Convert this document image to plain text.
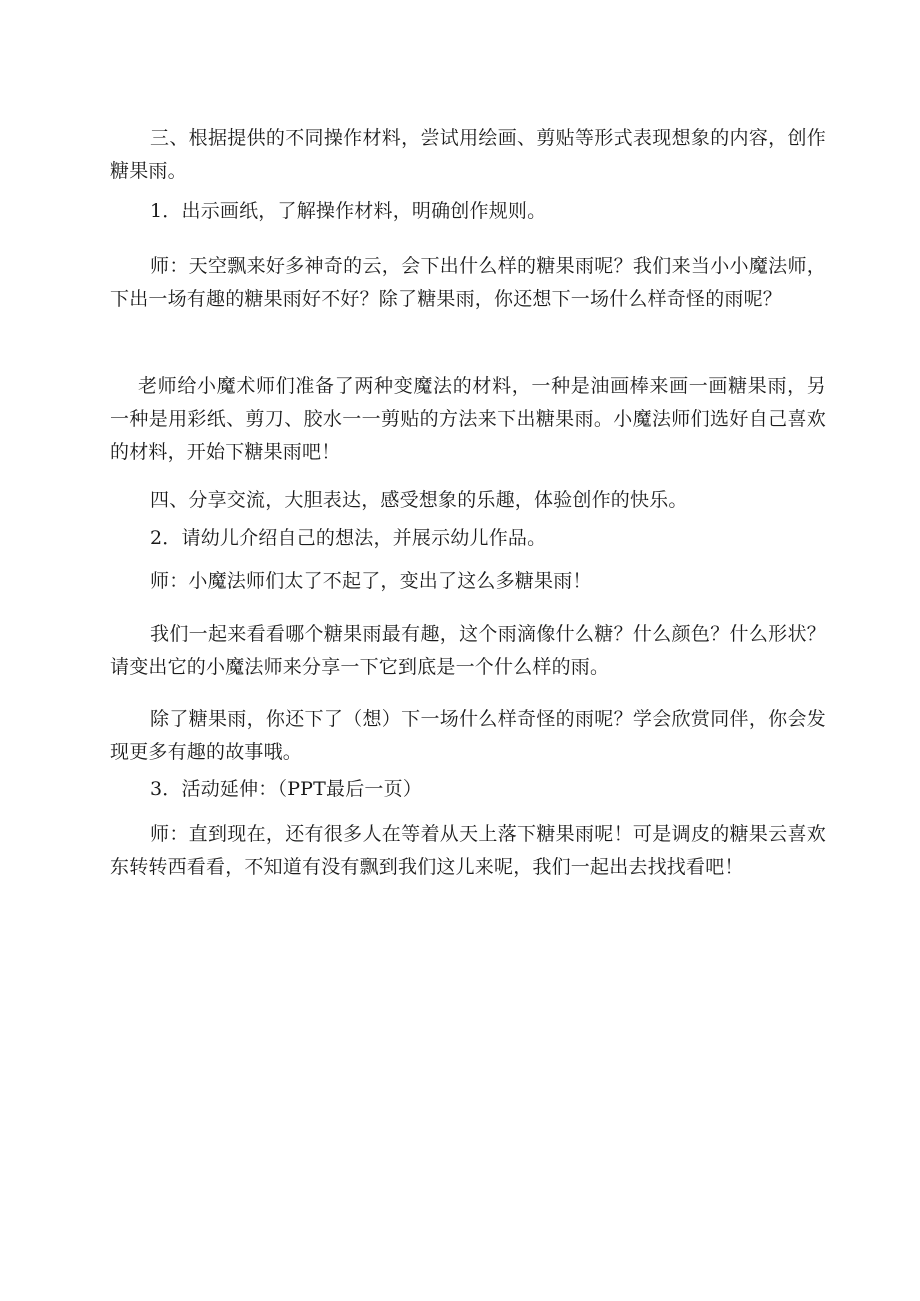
三、根据提供的不同操作材料，尝试用绘画、剪贴等形式表现想象的内容，创作糖果雨。

1．出示画纸，了解操作材料，明确创作规则。

师：天空飘来好多神奇的云，会下出什么样的糖果雨呢？我们来当小小魔法师，下出一场有趣的糖果雨好不好？除了糖果雨，你还想下一场什么样奇怪的雨呢？

老师给小魔术师们准备了两种变魔法的材料，一种是油画棒来画一画糖果雨，另一种是用彩纸、剪刀、胶水一一剪贴的方法来下出糖果雨。小魔法师们选好自己喜欢的材料，开始下糖果雨吧！

四、分享交流，大胆表达，感受想象的乐趣，体验创作的快乐。

2．请幼儿介绍自己的想法，并展示幼儿作品。

师：小魔法师们太了不起了，变出了这么多糖果雨！

我们一起来看看哪个糖果雨最有趣，这个雨滴像什么糖？什么颜色？什么形状？请变出它的小魔法师来分享一下它到底是一个什么样的雨。

除了糖果雨，你还下了（想）下一场什么样奇怪的雨呢？学会欣赏同伴，你会发现更多有趣的故事哦。

3．活动延伸：（PPT最后一页）

师：直到现在，还有很多人在等着从天上落下糖果雨呢！可是调皮的糖果云喜欢东转转西看看，不知道有没有飘到我们这儿来呢，我们一起出去找找看吧！
